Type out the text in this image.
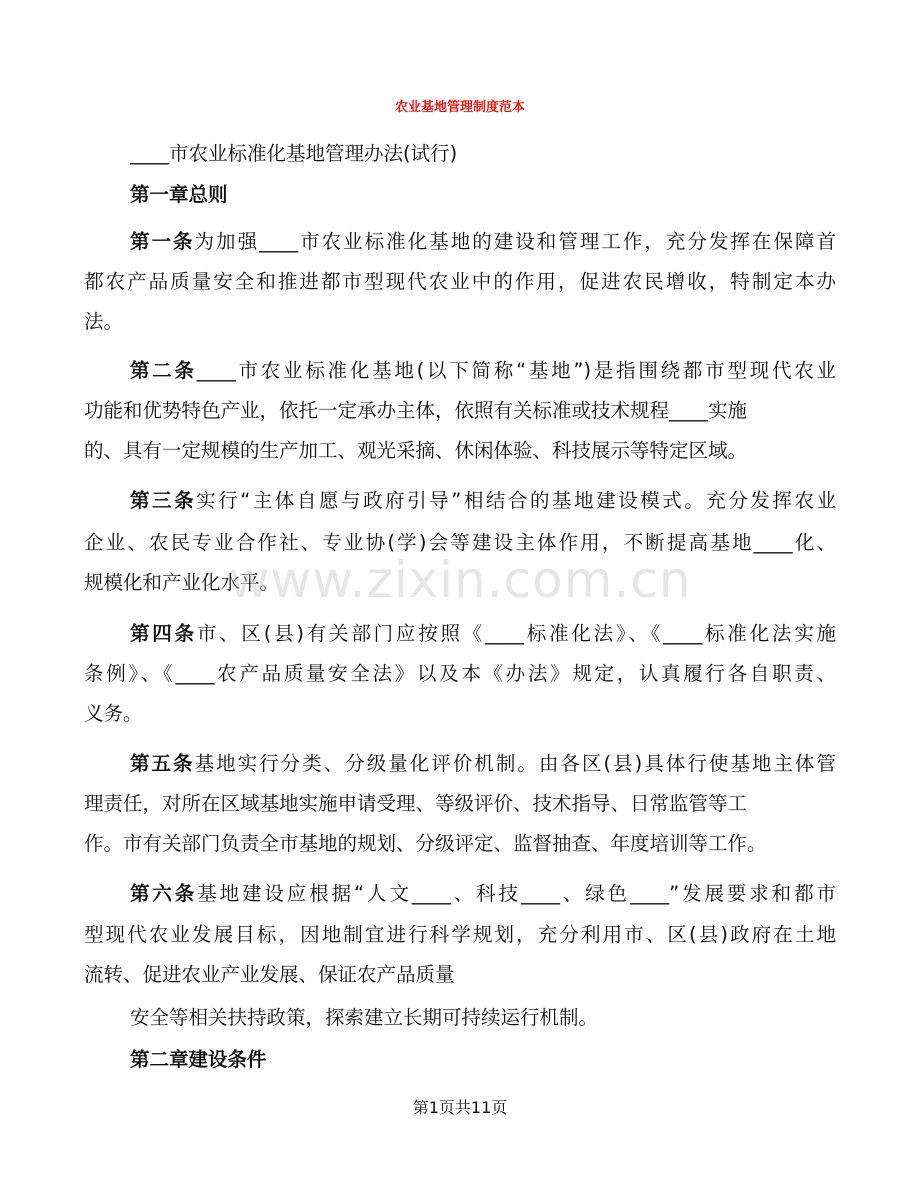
农业基地管理制度范本
____市农业标准化基地管理办法(试行)
第一章总则
第一条为加强____市农业标准化基地的建设和管理工作，充分发挥在保障首
都农产品质量安全和推进都市型现代农业中的作用，促进农民增收，特制定本办
法。
第二条____市农业标准化基地(以下简称“基地”)是指围绕都市型现代农业
功能和优势特色产业，依托一定承办主体，依照有关标准或技术规程____实施
的、具有一定规模的生产加工、观光采摘、休闲体验、科技展示等特定区域。
第三条实行“主体自愿与政府引导”相结合的基地建设模式。充分发挥农业
企业、农民专业合作社、专业协(学)会等建设主体作用，不断提高基地____化、
规模化和产业化水平。
第四条市、区(县)有关部门应按照《____标准化法》、《____标准化法实施
条例》、《____农产品质量安全法》以及本《办法》规定，认真履行各自职责、
义务。
第五条基地实行分类、分级量化评价机制。由各区(县)具体行使基地主体管
理责任，对所在区域基地实施申请受理、等级评价、技术指导、日常监管等工
作。市有关部门负责全市基地的规划、分级评定、监督抽查、年度培训等工作。
第六条基地建设应根据“人文____、科技____、绿色____”发展要求和都市
型现代农业发展目标，因地制宜进行科学规划，充分利用市、区(县)政府在土地
流转、促进农业产业发展、保证农产品质量
安全等相关扶持政策，探索建立长期可持续运行机制。
第二章建设条件
www.zixin.com.cn
第1页共11页
